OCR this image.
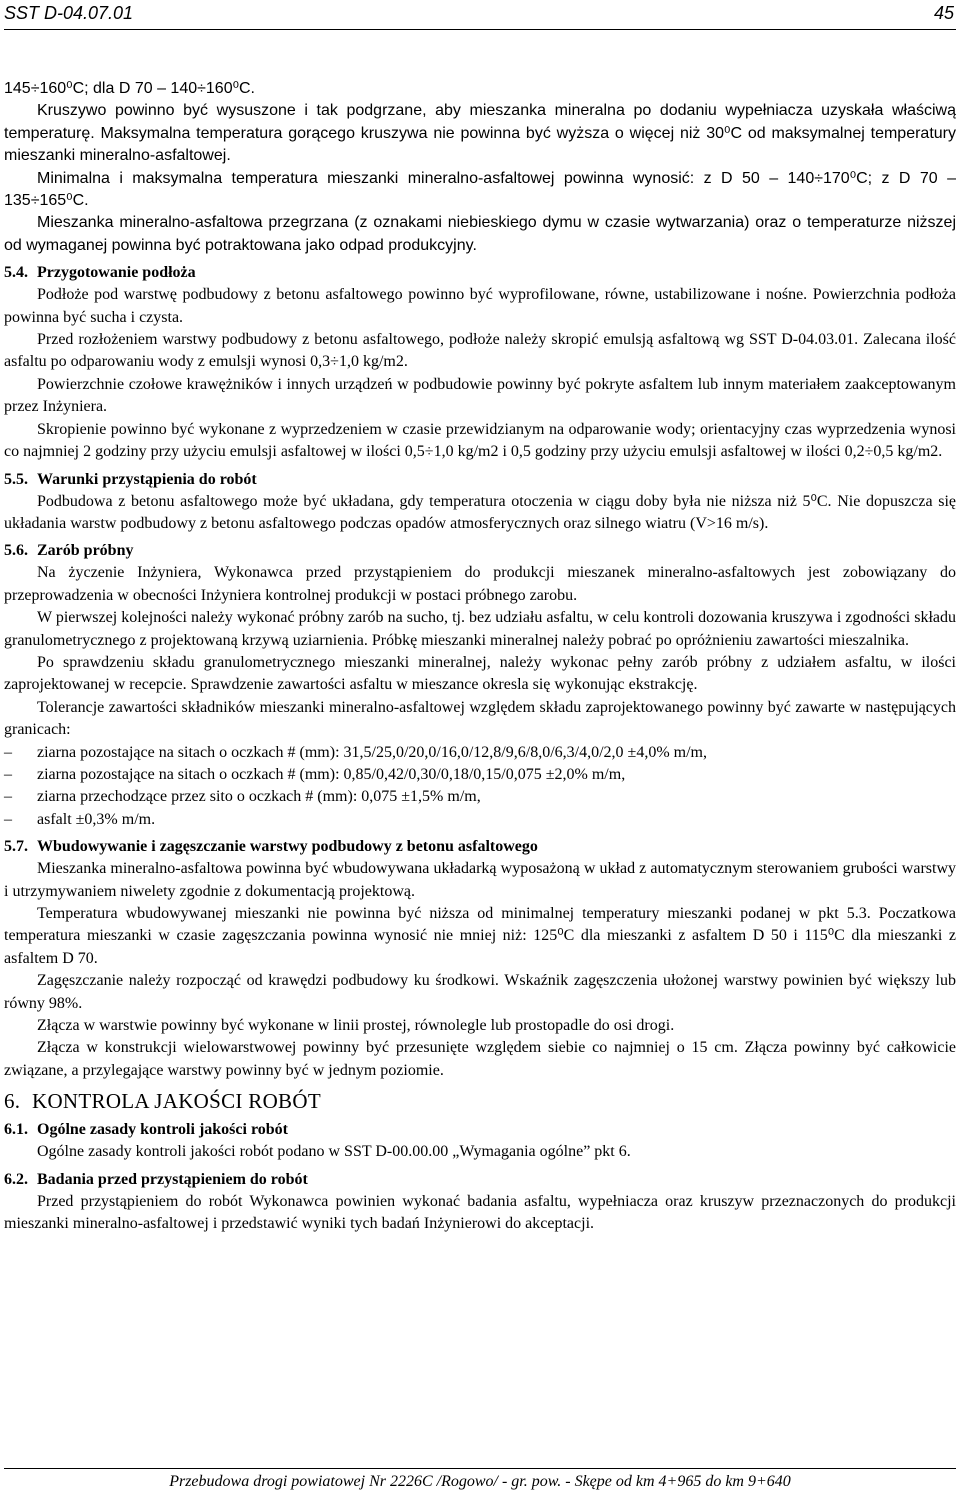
SST D-04.07.01	45

145÷160⁰C; dla D 70 – 140÷160⁰C.

Kruszywo powinno być wysuszone i tak podgrzane, aby mieszanka mineralna po dodaniu wypełniacza uzyskała właściwą temperaturę. Maksymalna temperatura gorącego kruszywa nie powinna być wyższa o więcej niż 30⁰C od maksymalnej temperatury mieszanki mineralno-asfaltowej.

Minimalna i maksymalna temperatura mieszanki mineralno-asfaltowej powinna wynosić: z D 50 – 140÷170⁰C; z D 70 – 135÷165⁰C.

Mieszanka mineralno-asfaltowa przegrzana (z oznakami niebieskiego dymu w czasie wytwarzania) oraz o temperaturze niższej od wymaganej powinna być potraktowana jako odpad produkcyjny.

5.4. Przygotowanie podłoża

Podłoże pod warstwę podbudowy z betonu asfaltowego powinno być wyprofilowane, równe, ustabilizowane i nośne. Powierzchnia podłoża powinna być sucha i czysta.

Przed rozłożeniem warstwy podbudowy z betonu asfaltowego, podłoże należy skropić emulsją asfaltową wg SST D-04.03.01. Zalecana ilość asfaltu po odparowaniu wody z emulsji wynosi 0,3÷1,0 kg/m2.

Powierzchnie czołowe krawężników i innych urządzeń w podbudowie powinny być pokryte asfaltem lub innym materiałem zaakceptowanym przez Inżyniera.

Skropienie powinno być wykonane z wyprzedzeniem w czasie przewidzianym na odparowanie wody; orientacyjny czas wyprzedzenia wynosi co najmniej 2 godziny przy użyciu emulsji asfaltowej w ilości 0,5÷1,0 kg/m2 i 0,5 godziny przy użyciu emulsji asfaltowej w ilości 0,2÷0,5 kg/m2.

5.5. Warunki przystąpienia do robót

Podbudowa z betonu asfaltowego może być układana, gdy temperatura otoczenia w ciągu doby była nie niższa niż 5⁰C. Nie dopuszcza się układania warstw podbudowy z betonu asfaltowego podczas opadów atmosferycznych oraz silnego wiatru (V>16 m/s).

5.6. Zarób próbny

Na życzenie Inżyniera, Wykonawca przed przystąpieniem do produkcji mieszanek mineralno-asfaltowych jest zobowiązany do przeprowadzenia w obecności Inżyniera kontrolnej produkcji w postaci próbnego zarobu.

W pierwszej kolejności należy wykonać próbny zarób na sucho, tj. bez udziału asfaltu, w celu kontroli dozowania kruszywa i zgodności składu granulometrycznego z projektowaną krzywą uziarnienia. Próbkę mieszanki mineralnej należy pobrać po opróżnieniu zawartości mieszalnika.

Po sprawdzeniu składu granulometrycznego mieszanki mineralnej, należy wykonac pełny zarób próbny z udziałem asfaltu, w ilości zaprojektowanej w recepcie. Sprawdzenie zawartości asfaltu w mieszance okresla się wykonując ekstrakcję.

Tolerancje zawartości składników mieszanki mineralno-asfaltowej względem składu zaprojektowanego powinny być zawarte w następujących granicach:

– ziarna pozostające na sitach o oczkach # (mm): 31,5/25,0/20,0/16,0/12,8/9,6/8,0/6,3/4,0/2,0 ±4,0% m/m,
– ziarna pozostające na sitach o oczkach # (mm): 0,85/0,42/0,30/0,18/0,15/0,075 ±2,0% m/m,
– ziarna przechodzące przez sito o oczkach # (mm): 0,075 ±1,5% m/m,
– asfalt ±0,3% m/m.
5.7. Wbudowywanie i zagęszczanie warstwy podbudowy z betonu asfaltowego

Mieszanka mineralno-asfaltowa powinna być wbudowywana układarką wyposażoną w układ z automatycznym sterowaniem grubości warstwy i utrzymywaniem niwelety zgodnie z dokumentacją projektową.

Temperatura wbudowywanej mieszanki nie powinna być niższa od minimalnej temperatury mieszanki podanej w pkt 5.3. Poczatkowa temperatura mieszanki w czasie zagęszczania powinna wynosić nie mniej niż: 125⁰C dla mieszanki z asfaltem D 50 i 115⁰C dla mieszanki z asfaltem D 70.

Zagęszczanie należy rozpocząć od krawędzi podbudowy ku środkowi. Wskaźnik zagęszczenia ułożonej warstwy powinien być większy lub równy 98%.

Złącza w warstwie powinny być wykonane w linii prostej, równolegle lub prostopadle do osi drogi.

Złącza w konstrukcji wielowarstwowej powinny być przesunięte względem siebie co najmniej o 15 cm. Złącza powinny być całkowicie związane, a przylegające warstwy powinny być w jednym poziomie.

6. KONTROLA JAKOŚCI ROBÓT
6.1. Ogólne zasady kontroli jakości robót

Ogólne zasady kontroli jakości robót podano w SST D-00.00.00 „Wymagania ogólne” pkt 6.

6.2. Badania przed przystąpieniem do robót

Przed przystąpieniem do robót Wykonawca powinien wykonać badania asfaltu, wypełniacza oraz kruszyw przeznaczonych do produkcji mieszanki mineralno-asfaltowej i przedstawić wyniki tych badań Inżynierowi do akceptacji.

Przebudowa drogi powiatowej Nr 2226C /Rogowo/ - gr. pow. - Skępe od km 4+965 do km 9+640
